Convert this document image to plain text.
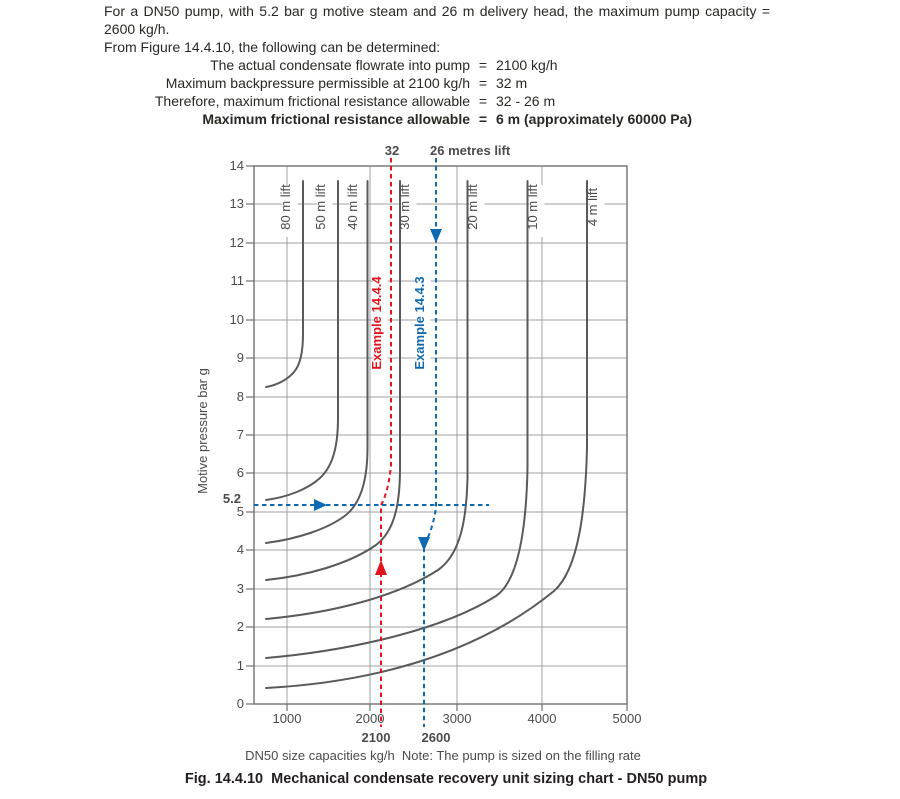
For a DN50 pump, with 5.2 bar g motive steam and 26 m delivery head, the maximum pump capacity = 2600 kg/h.

From Figure 14.4.10, the following can be determined:

The actual condensate flowrate into pump = 2100 kg/h
Maximum backpressure permissible at 2100 kg/h = 32 m
Therefore, maximum frictional resistance allowable = 32 - 26 m
Maximum frictional resistance allowable = 6 m (approximately 60000 Pa)
0
1
2
3
4
5
6
7
8
9
10
11
12
13
14
5.2
1000	2000	3000	4000	5000
2100 2600
32 26 metres lift
80 m lift 50 m lift 40 m lift	30 m lift	20 m lift	10 m lift	4 m lift
Example 14.4.4 Example 14.4.3
Motive pressure bar g
DN50 size capacities kg/h  Note: The pump is sized on the filling rate
Fig. 14.4.10  Mechanical condensate recovery unit sizing chart - DN50 pump
